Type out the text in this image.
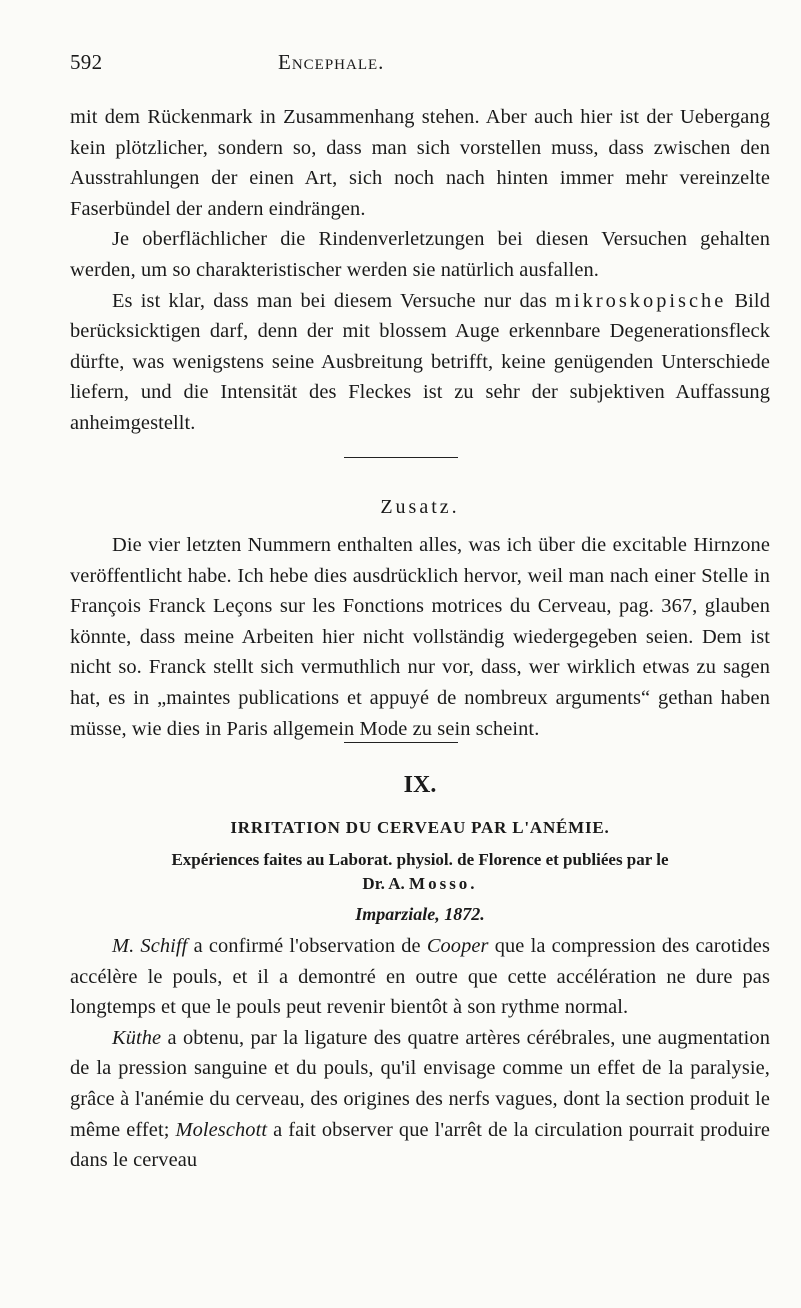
592	Encephale.

mit dem Rückenmark in Zusammenhang stehen. Aber auch hier ist der Uebergang kein plötzlicher, sondern so, dass man sich vorstellen muss, dass zwischen den Ausstrahlungen der einen Art, sich noch nach hinten immer mehr vereinzelte Faserbündel der andern eindrängen.

Je oberflächlicher die Rindenverletzungen bei diesen Versuchen gehalten werden, um so charakteristischer werden sie natürlich ausfallen.

Es ist klar, dass man bei diesem Versuche nur das mikroskopische Bild berücksicktigen darf, denn der mit blossem Auge erkennbare Degenerationsfleck dürfte, was wenigstens seine Ausbreitung betrifft, keine genügenden Unterschiede liefern, und die Intensität des Fleckes ist zu sehr der subjektiven Auffassung anheimgestellt.

Zusatz.

Die vier letzten Nummern enthalten alles, was ich über die excitable Hirnzone veröffentlicht habe. Ich hebe dies ausdrücklich hervor, weil man nach einer Stelle in François Franck Leçons sur les Fonctions motrices du Cerveau, pag. 367, glauben könnte, dass meine Arbeiten hier nicht vollständig wiedergegeben seien. Dem ist nicht so. Franck stellt sich vermuthlich nur vor, dass, wer wirklich etwas zu sagen hat, es in „maintes publications et appuyé de nombreux arguments“ gethan haben müsse, wie dies in Paris allgemein Mode zu sein scheint.

IX.
IRRITATION DU CERVEAU PAR L'ANÉMIE.
Expériences faites au Laborat. physiol. de Florence et publiées par le
Dr. A. Mosso.
Imparziale, 1872.

M. Schiff a confirmé l'observation de Cooper que la compression des carotides accélère le pouls, et il a demontré en outre que cette accélération ne dure pas longtemps et que le pouls peut revenir bientôt à son rythme normal.

Küthe a obtenu, par la ligature des quatre artères cérébrales, une augmentation de la pression sanguine et du pouls, qu'il envisage comme un effet de la paralysie, grâce à l'anémie du cerveau, des origines des nerfs vagues, dont la section produit le même effet; Moleschott a fait observer que l'arrêt de la circulation pourrait produire dans le cerveau
